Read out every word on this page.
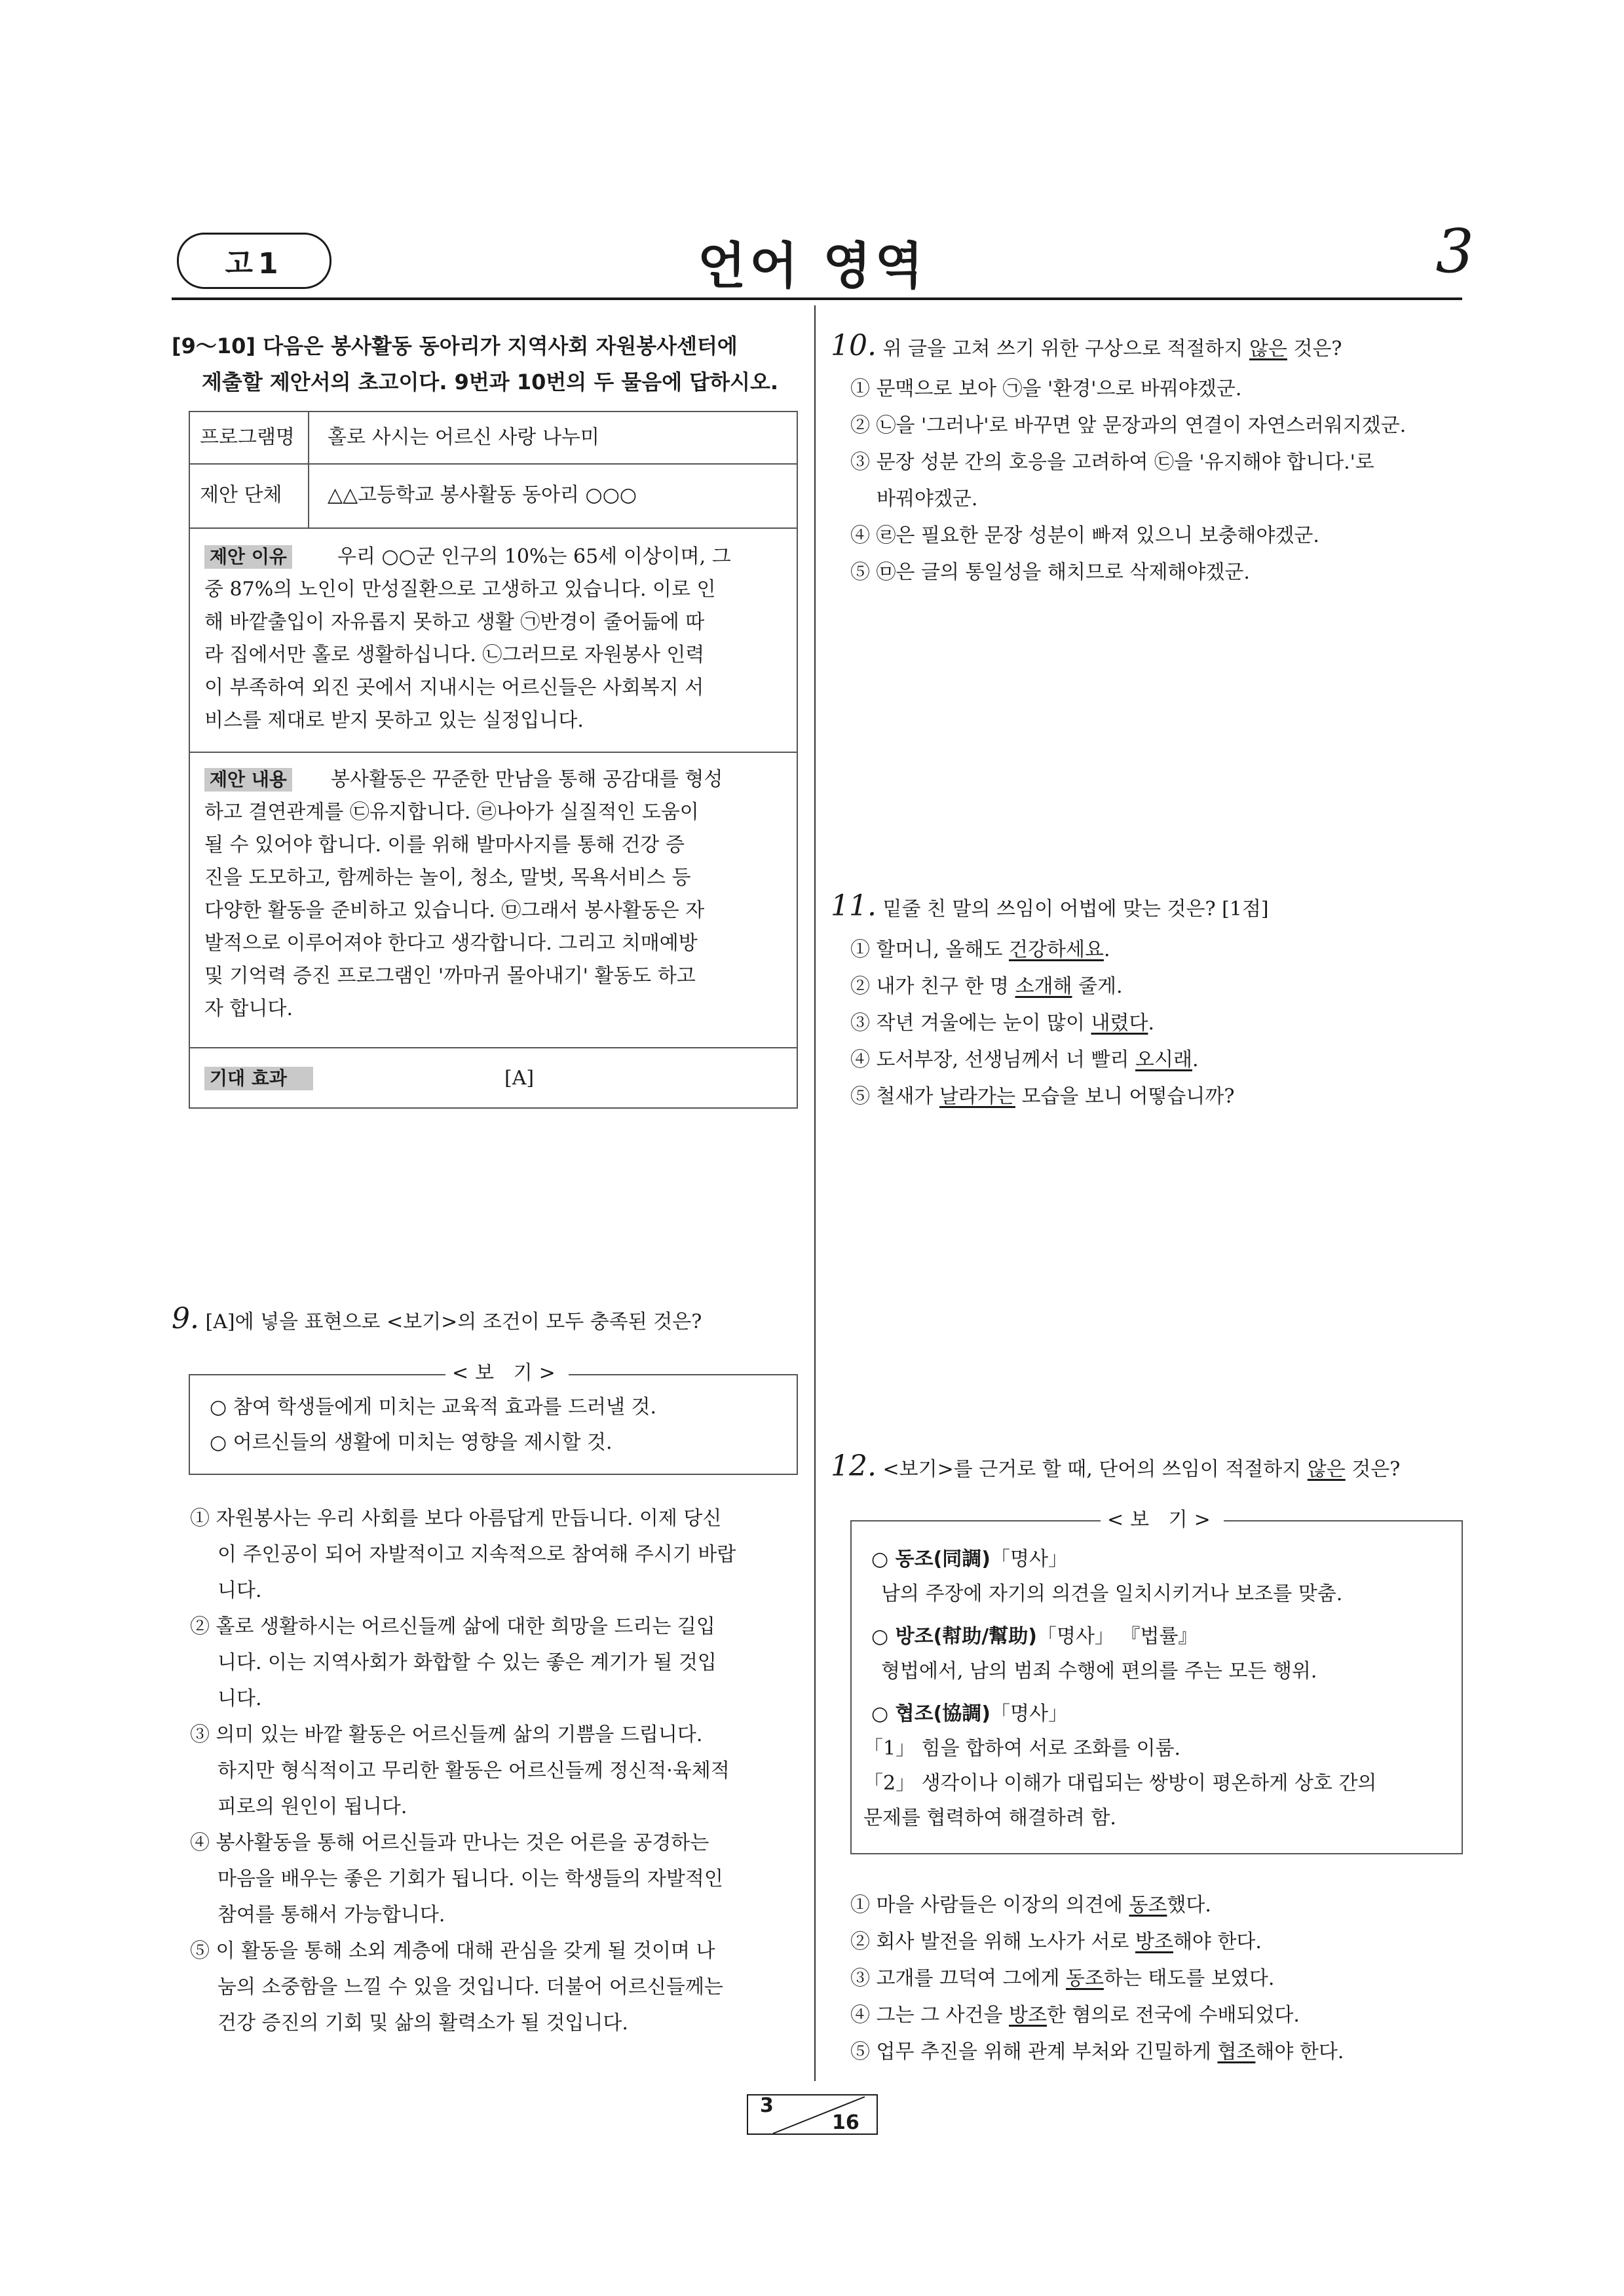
고1	언어 영역	3
[9～10] 다음은 봉사활동 동아리가 지역사회 자원봉사센터에
제출할 제안서의 초고이다. 9번과 10번의 두 물음에 답하시오.
프로그램명 홀로 사시는 어르신 사랑 나누미
제안 단체 △△고등학교 봉사활동 동아리 ○○○
제안 이유	우리 ○○군 인구의 10%는 65세 이상이며, 그
중 87%의 노인이 만성질환으로 고생하고 있습니다. 이로 인
해 바깥출입이 자유롭지 못하고 생활 ㉠반경이 줄어듦에 따
라 집에서만 홀로 생활하십니다. ㉡그러므로 자원봉사 인력
이 부족하여 외진 곳에서 지내시는 어르신들은 사회복지 서
비스를 제대로 받지 못하고 있는 실정입니다.
제안 내용 봉사활동은 꾸준한 만남을 통해 공감대를 형성
하고 결연관계를 ㉢유지합니다. ㉣나아가 실질적인 도움이
될 수 있어야 합니다. 이를 위해 발마사지를 통해 건강 증
진을 도모하고, 함께하는 놀이, 청소, 말벗, 목욕서비스 등
다양한 활동을 준비하고 있습니다. ㉤그래서 봉사활동은 자
발적으로 이루어져야 한다고 생각합니다. 그리고 치매예방
및 기억력 증진 프로그램인 '까마귀 몰아내기' 활동도 하고
자 합니다.
기대 효과	[A]
9. [A]에 넣을 표현으로 <보기>의 조건이 모두 충족된 것은?
<보 기>
○ 참여 학생들에게 미치는 교육적 효과를 드러낼 것.
○ 어르신들의 생활에 미치는 영향을 제시할 것.
① 자원봉사는 우리 사회를 보다 아름답게 만듭니다. 이제 당신
이 주인공이 되어 자발적이고 지속적으로 참여해 주시기 바랍
니다.
② 홀로 생활하시는 어르신들께 삶에 대한 희망을 드리는 길입
니다. 이는 지역사회가 화합할 수 있는 좋은 계기가 될 것입
니다.
③ 의미 있는 바깥 활동은 어르신들께 삶의 기쁨을 드립니다.
하지만 형식적이고 무리한 활동은 어르신들께 정신적·육체적
피로의 원인이 됩니다.
④ 봉사활동을 통해 어르신들과 만나는 것은 어른을 공경하는
마음을 배우는 좋은 기회가 됩니다. 이는 학생들의 자발적인
참여를 통해서 가능합니다.
⑤ 이 활동을 통해 소외 계층에 대해 관심을 갖게 될 것이며 나
눔의 소중함을 느낄 수 있을 것입니다. 더불어 어르신들께는
건강 증진의 기회 및 삶의 활력소가 될 것입니다.
10. 위 글을 고쳐 쓰기 위한 구상으로 적절하지 않은 것은?
① 문맥으로 보아 ㉠을 '환경'으로 바꿔야겠군.
② ㉡을 '그러나'로 바꾸면 앞 문장과의 연결이 자연스러워지겠군.
③ 문장 성분 간의 호응을 고려하여 ㉢을 '유지해야 합니다.'로
바꿔야겠군.
④ ㉣은 필요한 문장 성분이 빠져 있으니 보충해야겠군.
⑤ ㉤은 글의 통일성을 해치므로 삭제해야겠군.
11. 밑줄 친 말의 쓰임이 어법에 맞는 것은? [1점]
① 할머니, 올해도 건강하세요.
② 내가 친구 한 명 소개해 줄게.
③ 작년 겨울에는 눈이 많이 내렸다.
④ 도서부장, 선생님께서 너 빨리 오시래.
⑤ 철새가 날라가는 모습을 보니 어떻습니까?
12. <보기>를 근거로 할 때, 단어의 쓰임이 적절하지 않은 것은?
<보 기>
○ 동조(同調)「명사」
남의 주장에 자기의 의견을 일치시키거나 보조를 맞춤.
○ 방조(幇助/幫助)「명사」 『법률』
형법에서, 남의 범죄 수행에 편의를 주는 모든 행위.
○ 협조(協調)「명사」
「1」 힘을 합하여 서로 조화를 이룸.
「2」 생각이나 이해가 대립되는 쌍방이 평온하게 상호 간의
문제를 협력하여 해결하려 함.
① 마을 사람들은 이장의 의견에 동조했다.
② 회사 발전을 위해 노사가 서로 방조해야 한다.
③ 고개를 끄덕여 그에게 동조하는 태도를 보였다.
④ 그는 그 사건을 방조한 혐의로 전국에 수배되었다.
⑤ 업무 추진을 위해 관계 부처와 긴밀하게 협조해야 한다.
3
16
